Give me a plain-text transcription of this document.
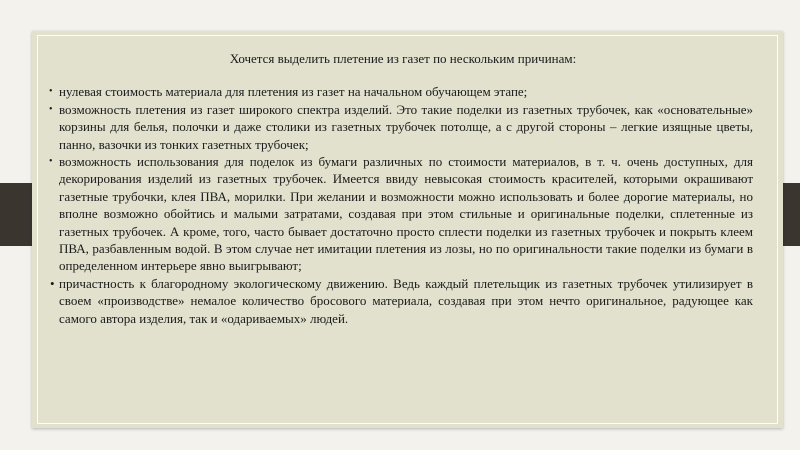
Хочется выделить плетение из газет по нескольким причинам:

• нулевая стоимость материала для плетения из газет на начальном обучающем этапе;
• возможность плетения из газет широкого спектра изделий. Это такие поделки из газетных трубочек, как «основательные» корзины для белья, полочки и даже столики из газетных трубочек потолще, а с другой стороны – легкие изящные цветы, панно, вазочки из тонких газетных трубочек;
• возможность использования для поделок из бумаги различных по стоимости материалов, в т. ч. очень доступных, для декорирования изделий из газетных трубочек. Имеется ввиду невысокая стоимость красителей, которыми окрашивают газетные трубочки, клея ПВА, морилки. При желании и возможности можно использовать и более дорогие материалы, но вполне возможно обойтись и малыми затратами, создавая при этом стильные и оригинальные поделки, сплетенные из газетных трубочек. А кроме, того, часто бывает достаточно просто сплести поделки из газетных трубочек и покрыть клеем ПВА, разбавленным водой. В этом случае нет имитации плетения из лозы, но по оригинальности такие поделки из бумаги в определенном интерьере явно выигрывают;
• причастность к благородному экологическому движению. Ведь каждый плетельщик из газетных трубочек утилизирует в своем «производстве» немалое количество бросового материала, создавая при этом нечто оригинальное, радующее как самого автора изделия, так и «одариваемых» людей.
